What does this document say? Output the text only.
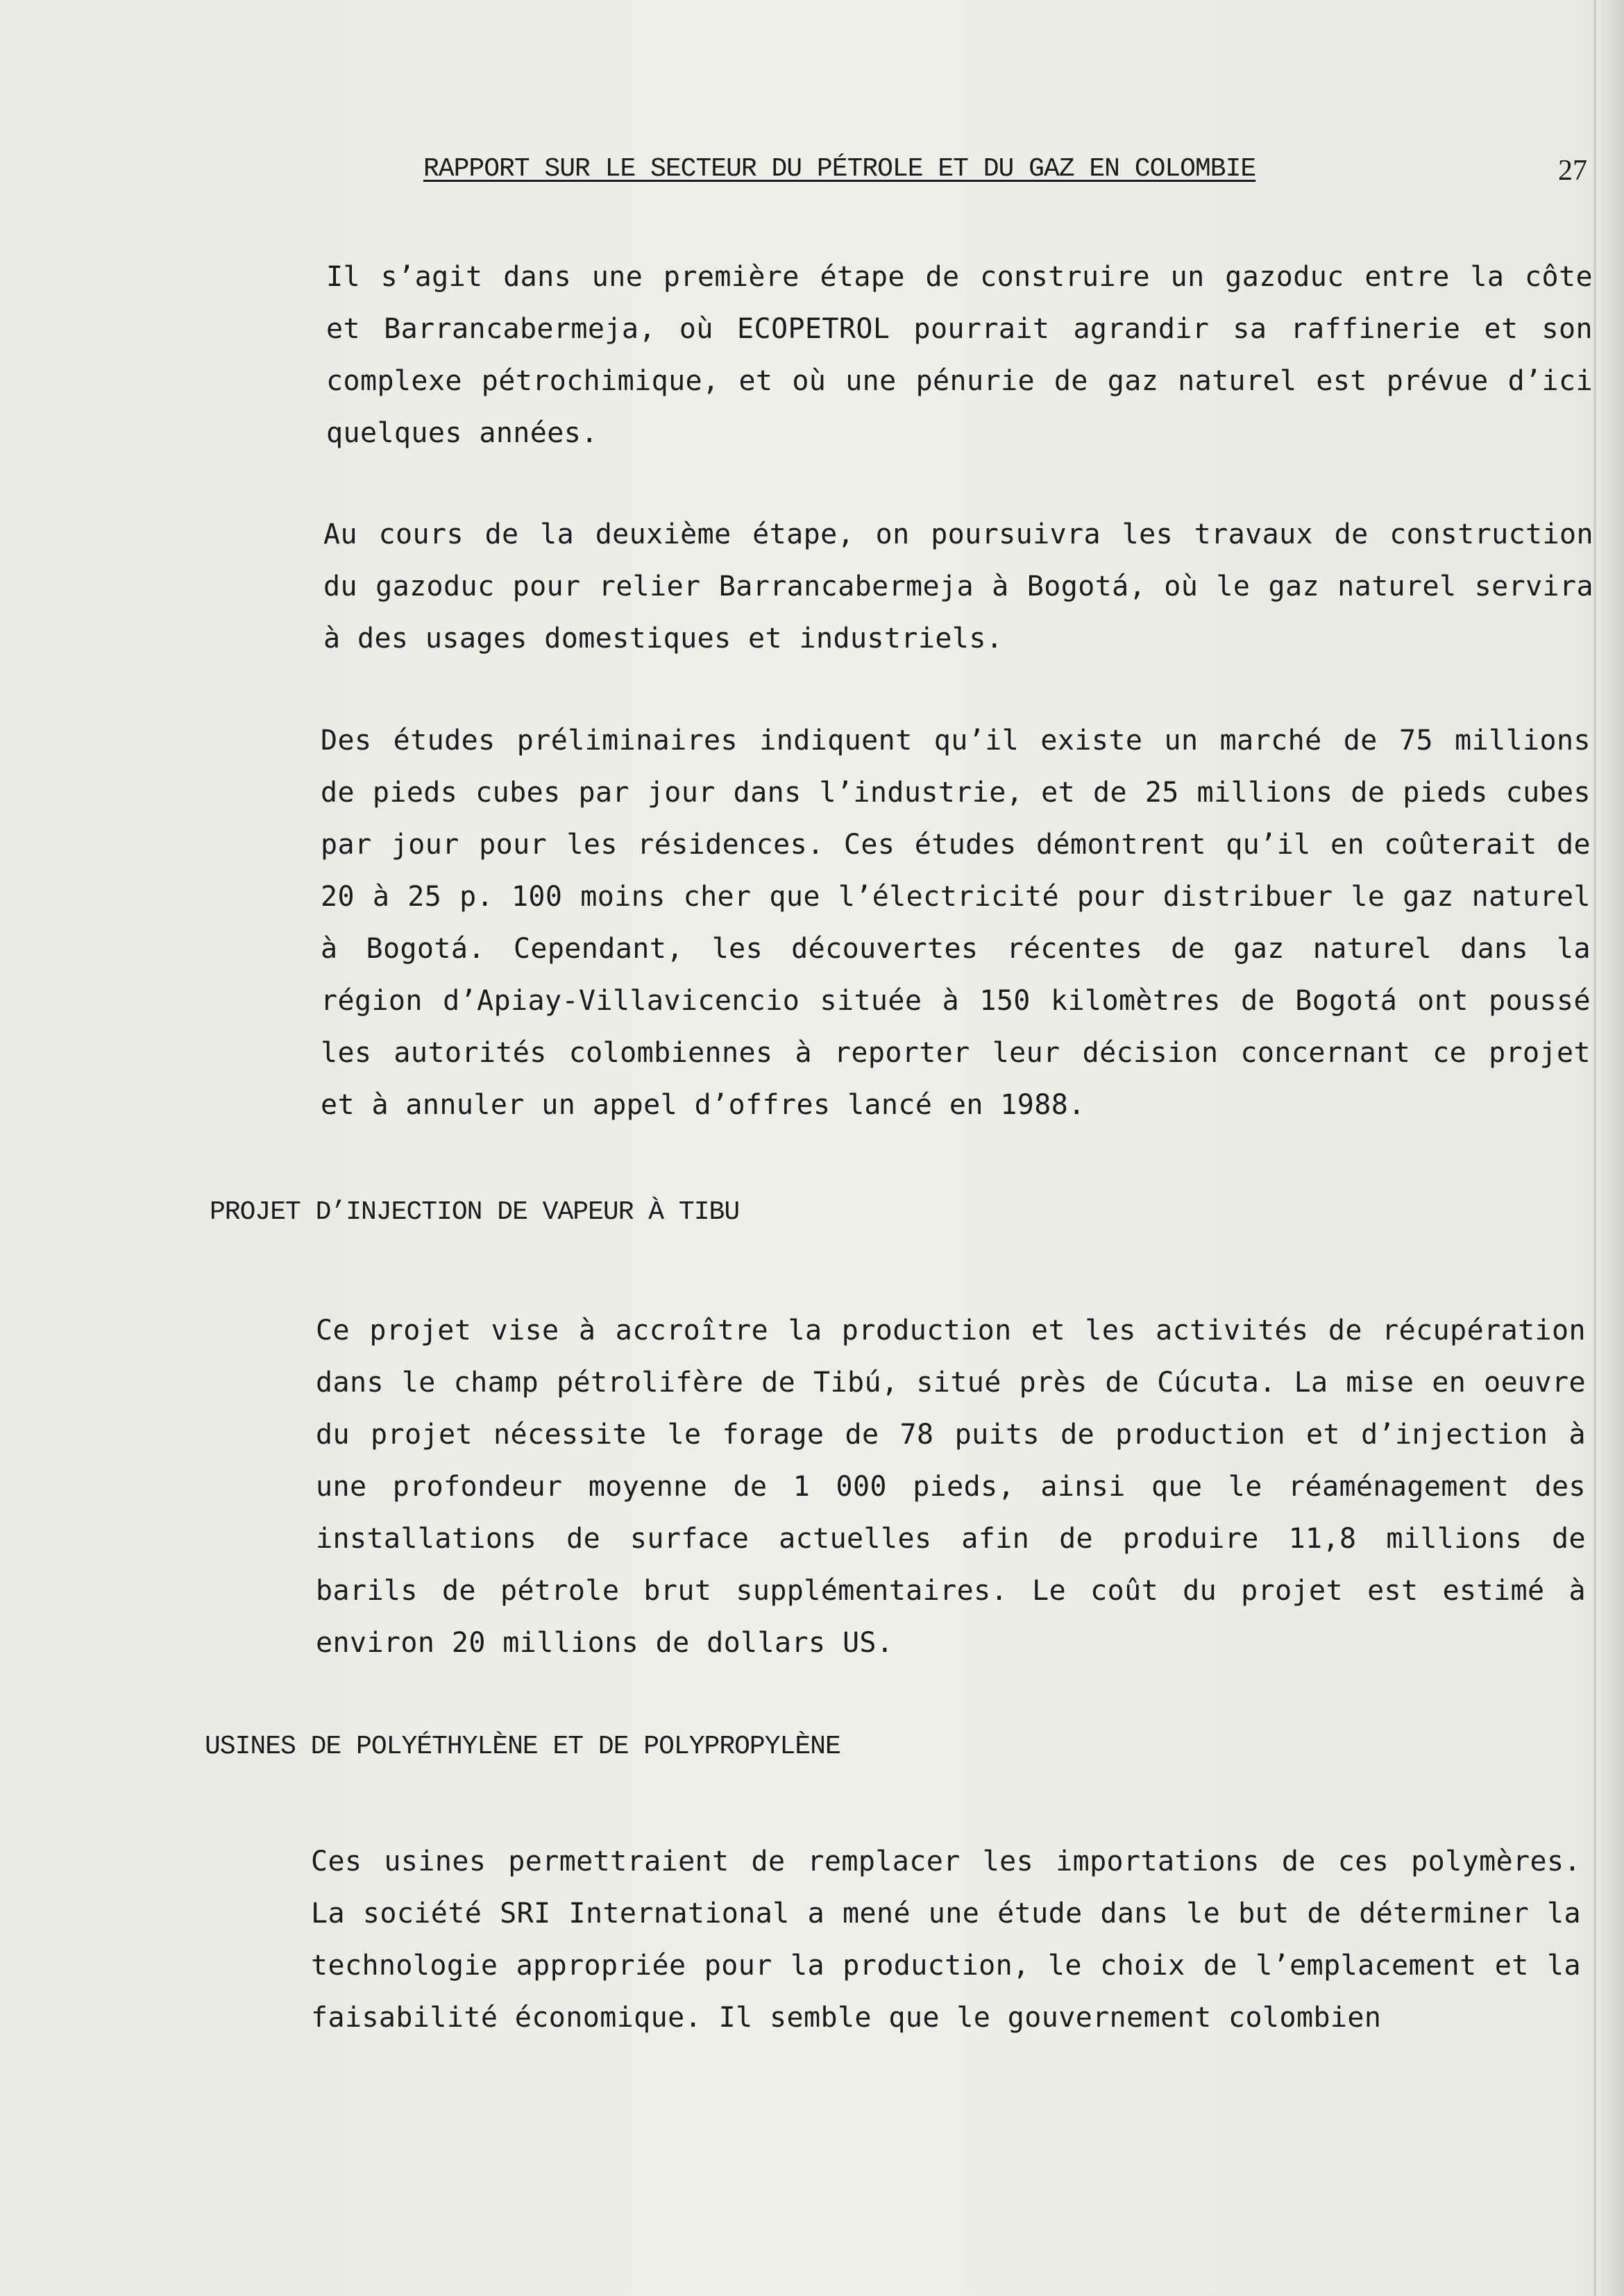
RAPPORT SUR LE SECTEUR DU PÉTROLE ET DU GAZ EN COLOMBIE	27

Il s’agit dans une première étape de construire un gazoduc entre la côte et Barrancabermeja, où ECOPETROL pourrait agrandir sa raffinerie et son complexe pétrochimique, et où une pénurie de gaz naturel est prévue d’ici quelques années.

Au cours de la deuxième étape, on poursuivra les travaux de construction du gazoduc pour relier Barrancabermeja à Bogotá, où le gaz naturel servira à des usages domestiques et industriels.

Des études préliminaires indiquent qu’il existe un marché de 75 millions de pieds cubes par jour dans l’industrie, et de 25 millions de pieds cubes par jour pour les résidences. Ces études démontrent qu’il en coûterait de 20 à 25 p. 100 moins cher que l’électricité pour distribuer le gaz naturel à Bogotá. Cependant, les découvertes récentes de gaz naturel dans la région d’Apiay-Villavicencio située à 150 kilomètres de Bogotá ont poussé les autorités colombiennes à reporter leur décision concernant ce projet et à annuler un appel d’offres lancé en 1988.

PROJET D’INJECTION DE VAPEUR À TIBU

Ce projet vise à accroître la production et les activités de récupération dans le champ pétrolifère de Tibú, situé près de Cúcuta. La mise en oeuvre du projet nécessite le forage de 78 puits de production et d’injection à une profondeur moyenne de 1 000 pieds, ainsi que le réaménagement des installations de surface actuelles afin de produire 11,8 millions de barils de pétrole brut supplémentaires. Le coût du projet est estimé à environ 20 millions de dollars US.

USINES DE POLYÉTHYLÈNE ET DE POLYPROPYLÈNE

Ces usines permettraient de remplacer les importations de ces polymères. La société SRI International a mené une étude dans le but de déterminer la technologie appropriée pour la production, le choix de l’emplacement et la faisabilité économique. Il semble que le gouvernement colombien
